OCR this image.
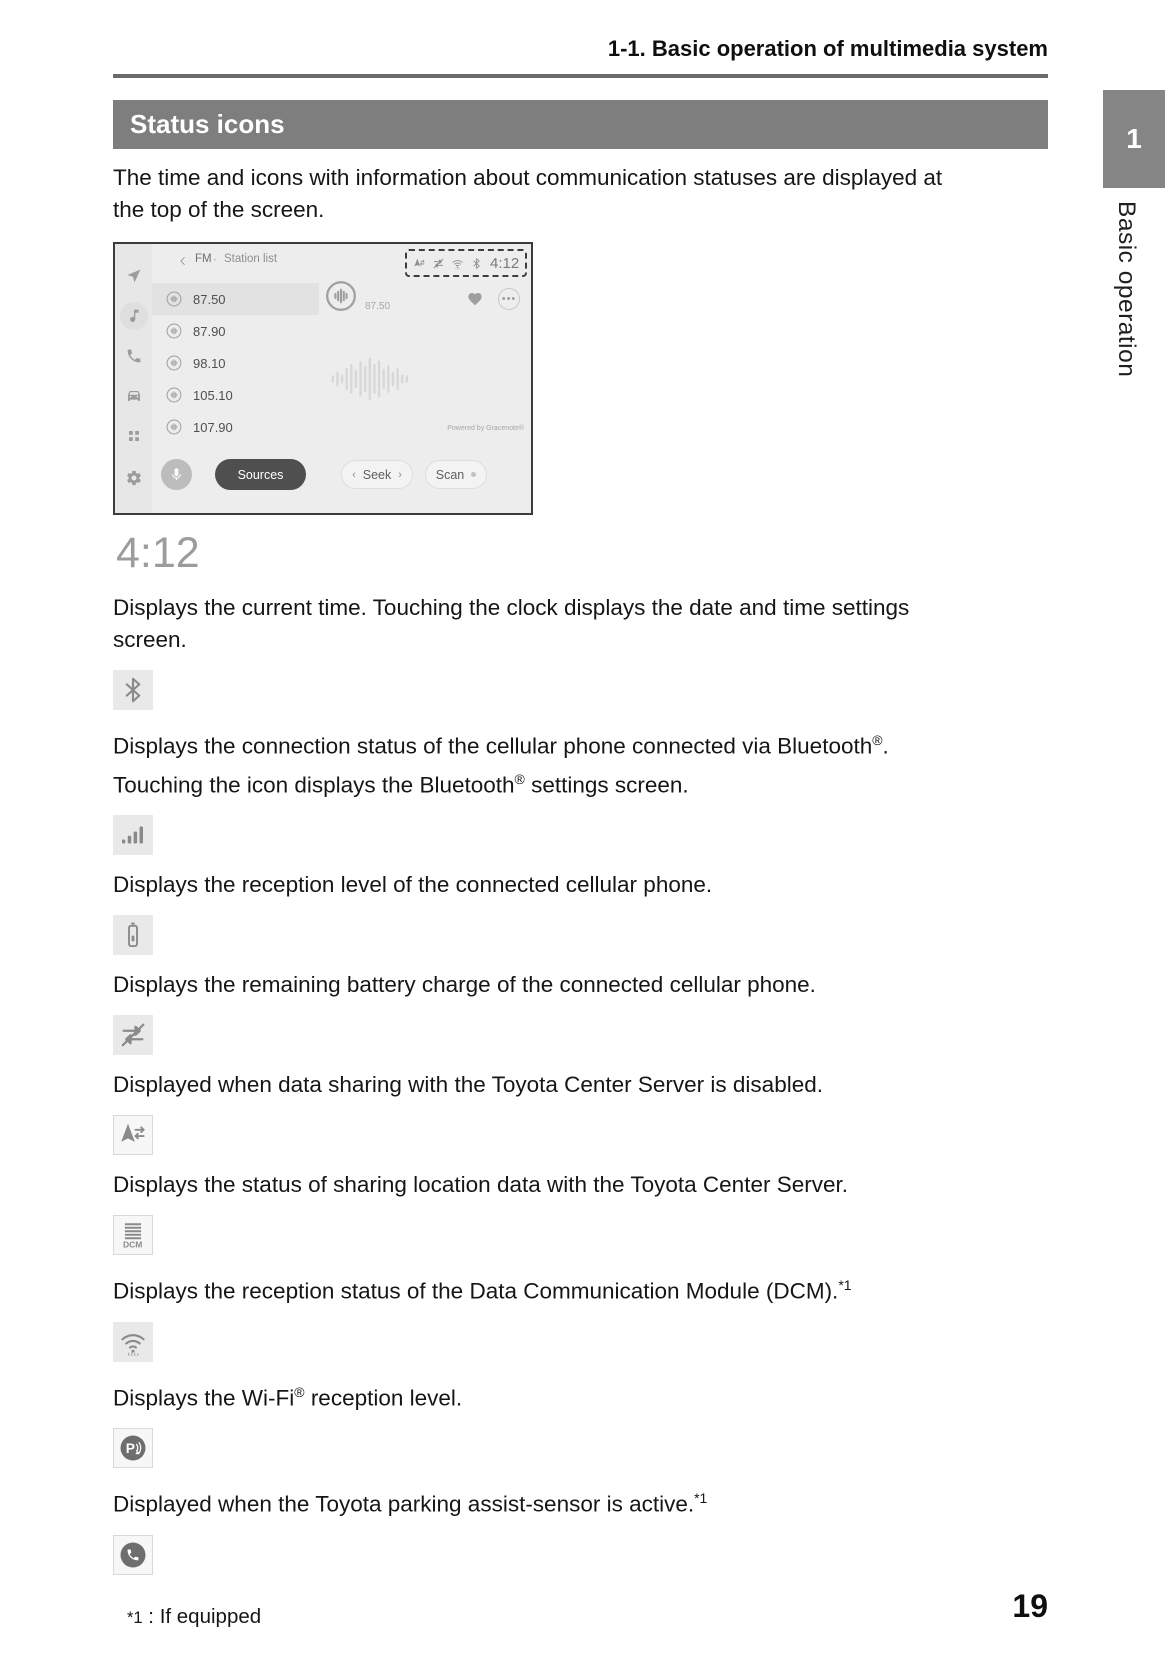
1
Basic operation
19
1-1. Basic operation of multimedia system
Status icons

The time and icons with information about communication statuses are displayed at the top of the screen.

FM · Station list	4:12
87.50
87.90
98.10
105.10
107.90
87.50
•••
Powered by Gracenote®
Sources	‹ Seek ›	Scan
4:12

Displays the current time. Touching the clock displays the date and time settings screen.

Displays the connection status of the cellular phone connected via Bluetooth®. Touching the icon displays the Bluetooth® settings screen.

Displays the reception level of the connected cellular phone.

Displays the remaining battery charge of the connected cellular phone.

Displayed when data sharing with the Toyota Center Server is disabled.

Displays the status of sharing location data with the Toyota Center Server.

Displays the reception status of the Data Communication Module (DCM).$^{*1}$

Displays the Wi-Fi® reception level.

Displayed when the Toyota parking assist-sensor is active.$^{*1}$

*1 : If equipped
